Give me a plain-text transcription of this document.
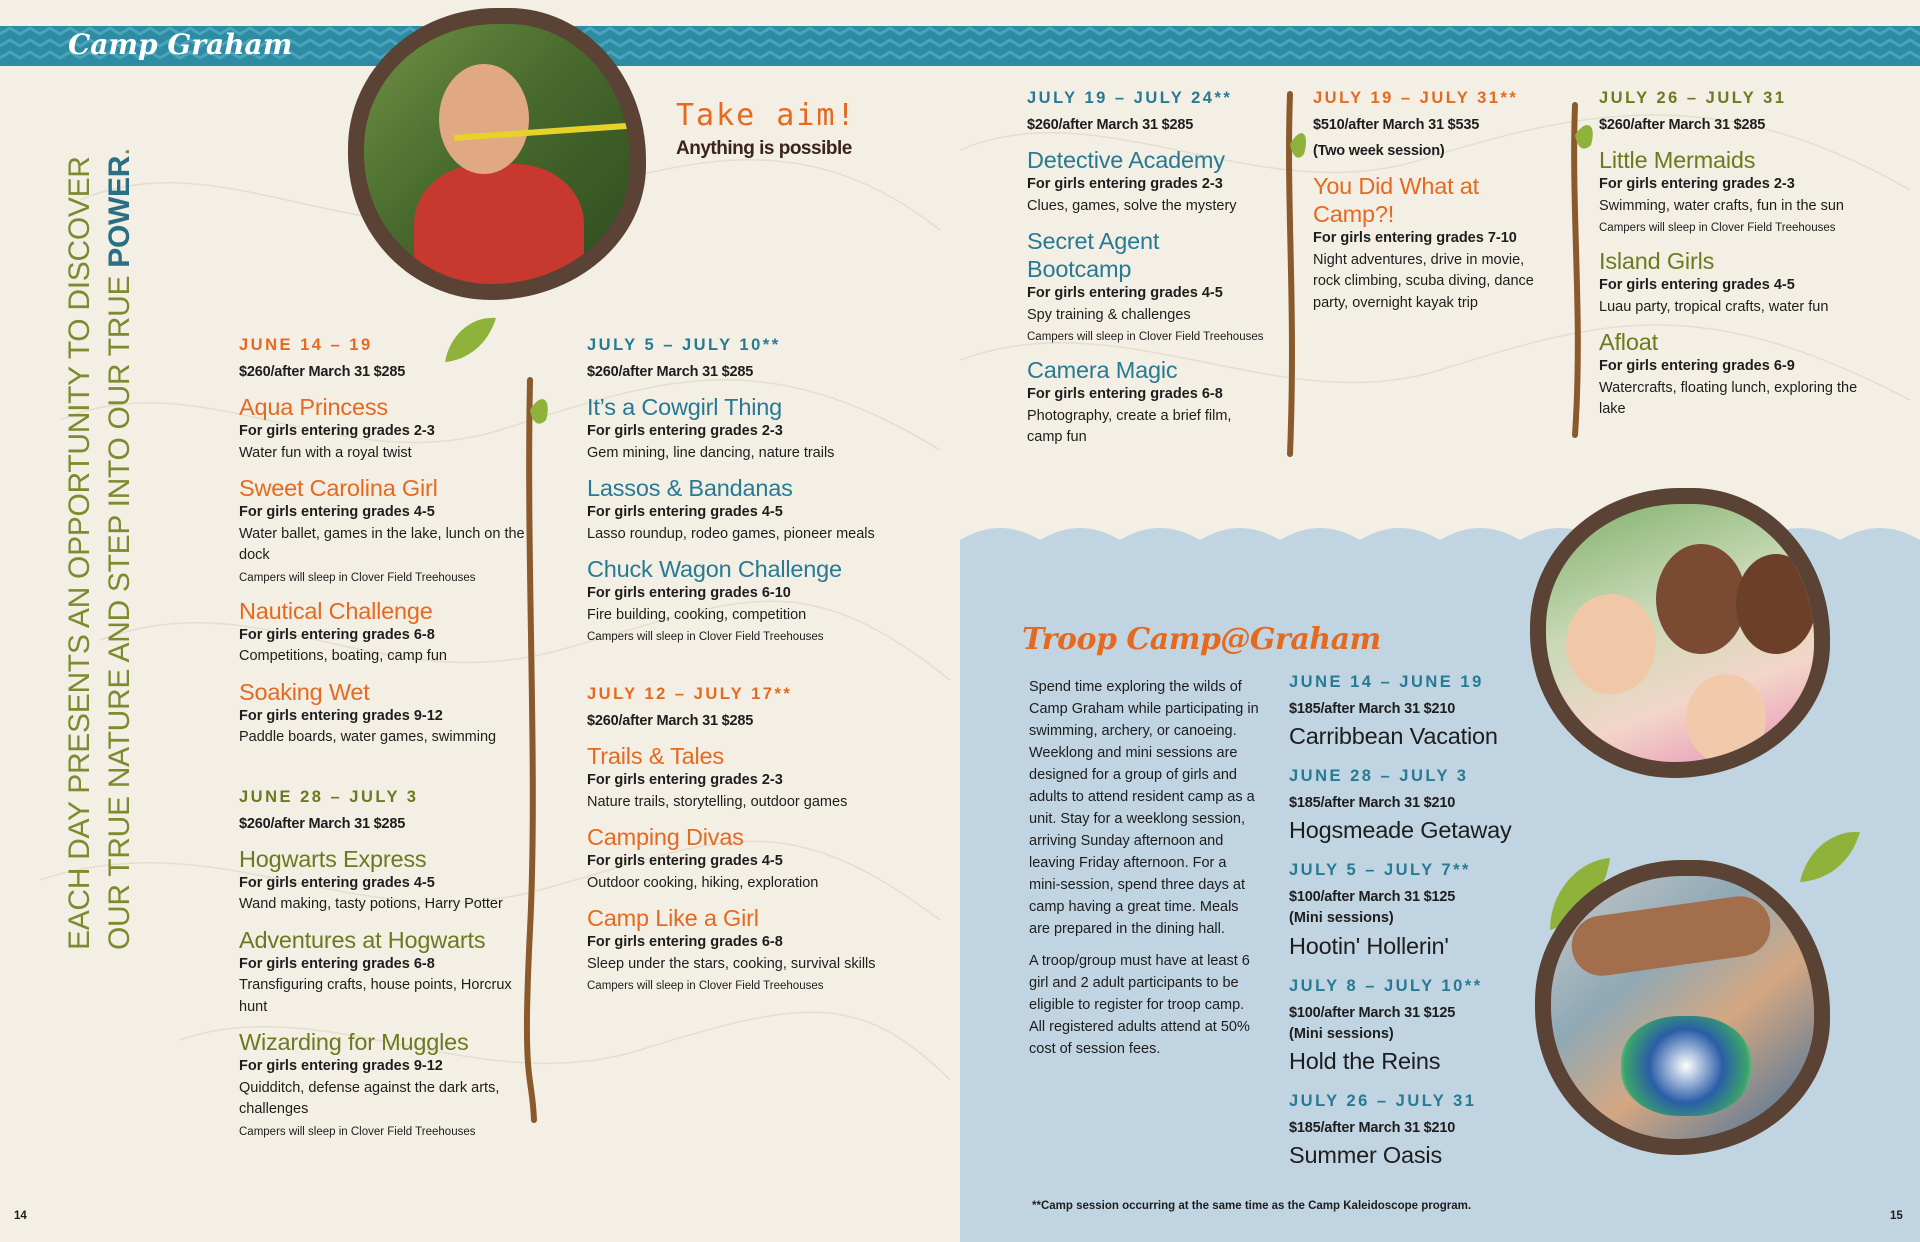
Camp Graham
EACH DAY PRESENTS AN OPPORTUNITY TO DISCOVER OUR TRUE NATURE AND STEP INTO OUR TRUE POWER.
Take aim!
Anything is possible
JUNE 14 – 19
$260/after March 31 $285
Aqua Princess
For girls entering grades 2-3
Water fun with a royal twist
Sweet Carolina Girl
For girls entering grades 4-5
Water ballet, games in the lake, lunch on the dock
Campers will sleep in Clover Field Treehouses
Nautical Challenge
For girls entering grades 6-8
Competitions, boating, camp fun
Soaking Wet
For girls entering grades 9-12
Paddle boards, water games, swimming
JUNE 28 – JULY 3
$260/after March 31 $285
Hogwarts Express
For girls entering grades 4-5
Wand making, tasty potions, Harry Potter
Adventures at Hogwarts
For girls entering grades 6-8
Transfiguring crafts, house points, Horcrux hunt
Wizarding for Muggles
For girls entering grades 9-12
Quidditch, defense against the dark arts, challenges
Campers will sleep in Clover Field Treehouses
JULY 5 – JULY 10**
$260/after March 31 $285
It’s a Cowgirl Thing
For girls entering grades 2-3
Gem mining, line dancing, nature trails
Lassos & Bandanas
For girls entering grades 4-5
Lasso roundup, rodeo games, pioneer meals
Chuck Wagon Challenge
For girls entering grades 6-10
Fire building, cooking, competition
Campers will sleep in Clover Field Treehouses
JULY 12 – JULY 17**
$260/after March 31 $285
Trails & Tales
For girls entering grades 2-3
Nature trails, storytelling, outdoor games
Camping Divas
For girls entering grades 4-5
Outdoor cooking, hiking, exploration
Camp Like a Girl
For girls entering grades 6-8
Sleep under the stars, cooking, survival skills
Campers will sleep in Clover Field Treehouses
JULY 19 – JULY 24**
$260/after March 31 $285
Detective Academy
For girls entering grades 2-3
Clues, games, solve the mystery
Secret Agent Bootcamp
For girls entering grades 4-5
Spy training & challenges
Campers will sleep in Clover Field Treehouses
Camera Magic
For girls entering grades 6-8
Photography, create a brief film, camp fun
JULY 19 – JULY 31**
$510/after March 31 $535
(Two week session)
You Did What at Camp?!
For girls entering grades 7-10
Night adventures, drive in movie, rock climbing, scuba diving, dance party, overnight kayak trip
JULY 26 – JULY 31
$260/after March 31 $285
Little Mermaids
For girls entering grades 2-3
Swimming, water crafts, fun in the sun
Campers will sleep in Clover Field Treehouses
Island Girls
For girls entering grades 4-5
Luau party, tropical crafts, water fun
Afloat
For girls entering grades 6-9
Watercrafts, floating lunch, exploring the lake
Troop Camp@Graham

Spend time exploring the wilds of Camp Graham while participating in swimming, archery, or canoeing. Weeklong and mini sessions are designed for a group of girls and adults to attend resident camp as a unit. Stay for a weeklong session, arriving Sunday afternoon and leaving Friday afternoon. For a mini-session, spend three days at camp having a great time. Meals are prepared in the dining hall.

A troop/group must have at least 6 girl and 2 adult participants to be eligible to register for troop camp. All registered adults attend at 50% cost of session fees.

JUNE 14 – JUNE 19
$185/after March 31 $210
Carribbean Vacation
JUNE 28 – JULY 3
$185/after March 31 $210
Hogsmeade Getaway
JULY 5 – JULY 7**
$100/after March 31 $125
(Mini sessions)
Hootin' Hollerin'
JULY 8 – JULY 10**
$100/after March 31 $125
(Mini sessions)
Hold the Reins
JULY 26 – JULY 31
$185/after March 31 $210
Summer Oasis
**Camp session occurring at the same time as the Camp Kaleidoscope program.
14	15
